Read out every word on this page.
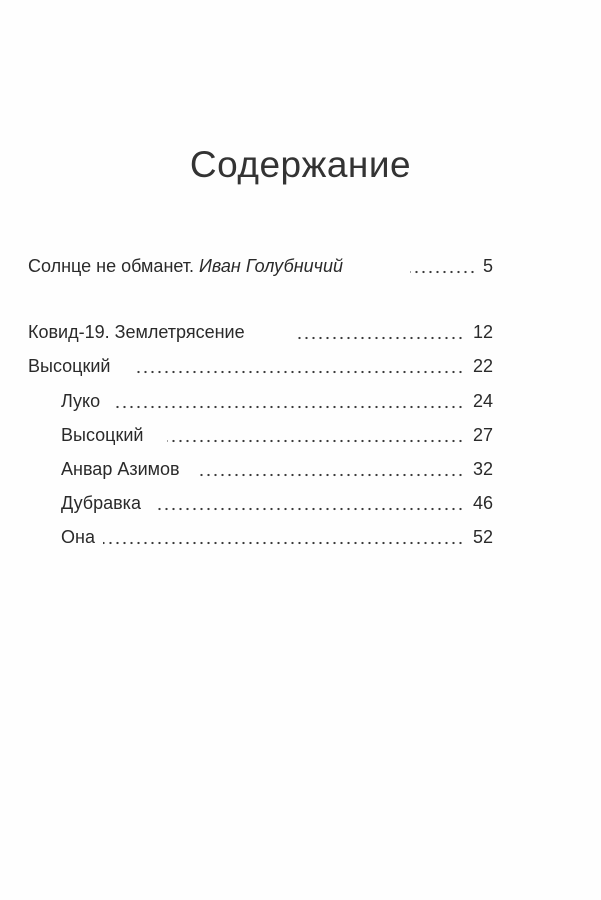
Содержание
Солнце не обманет. Иван Голубничий	5
Ковид-19. Землетрясение	12
Высоцкий	22
Луко	24
Высоцкий	27
Анвар Азимов	32
Дубравка	46
Она	52
